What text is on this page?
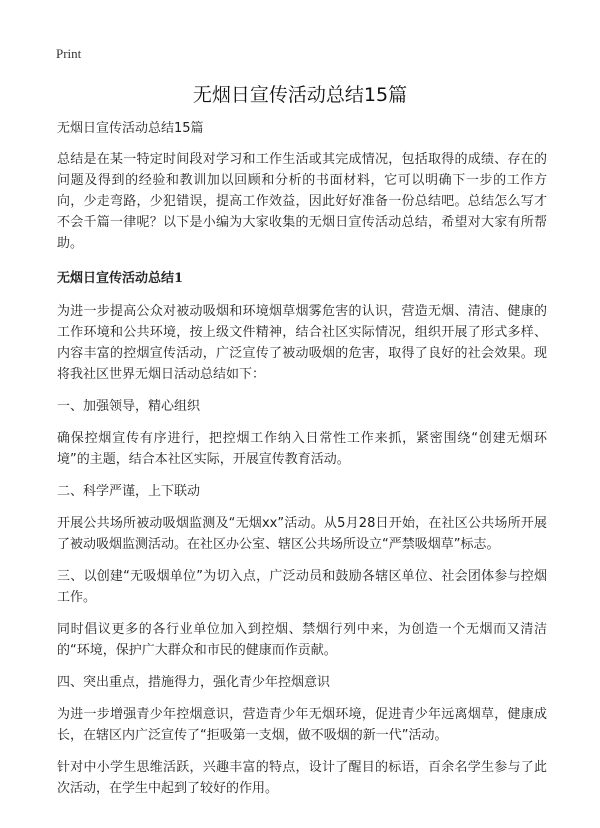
Print
无烟日宣传活动总结15篇

无烟日宣传活动总结15篇

总结是在某一特定时间段对学习和工作生活或其完成情况，包括取得的成绩、存在的问题及得到的经验和教训加以回顾和分析的书面材料，它可以明确下一步的工作方向，少走弯路，少犯错误，提高工作效益，因此好好准备一份总结吧。总结怎么写才不会千篇一律呢？以下是小编为大家收集的无烟日宣传活动总结，希望对大家有所帮助。

无烟日宣传活动总结1

为进一步提高公众对被动吸烟和环境烟草烟雾危害的认识，营造无烟、清洁、健康的工作环境和公共环境，按上级文件精神，结合社区实际情况，组织开展了形式多样、内容丰富的控烟宣传活动，广泛宣传了被动吸烟的危害，取得了良好的社会效果。现将我社区世界无烟日活动总结如下：

一、加强领导，精心组织

确保控烟宣传有序进行，把控烟工作纳入日常性工作来抓，紧密围绕“创建无烟环境”的主题，结合本社区实际，开展宣传教育活动。

二、科学严谨，上下联动

开展公共场所被动吸烟监测及“无烟xx”活动。从5月28日开始，在社区公共场所开展了被动吸烟监测活动。在社区办公室、辖区公共场所设立“严禁吸烟草”标志。

三、以创建“无吸烟单位”为切入点，广泛动员和鼓励各辖区单位、社会团体参与控烟工作。

同时倡议更多的各行业单位加入到控烟、禁烟行列中来，为创造一个无烟而又清洁的“环境，保护广大群众和市民的健康而作贡献。

四、突出重点，措施得力，强化青少年控烟意识

为进一步增强青少年控烟意识，营造青少年无烟环境，促进青少年远离烟草，健康成长，在辖区内广泛宣传了“拒吸第一支烟，做不吸烟的新一代”活动。

针对中小学生思维活跃，兴趣丰富的特点，设计了醒目的标语，百余名学生参与了此次活动，在学生中起到了较好的作用。
